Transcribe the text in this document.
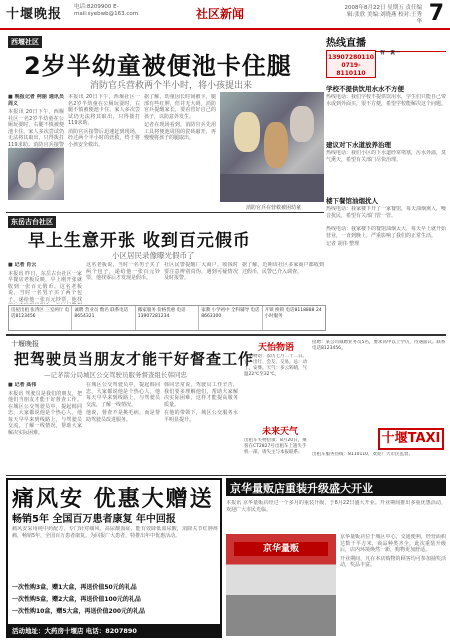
十堰晚报 电话:8209900 E-mail:syebwb@163.com	社区新闻	2008年8月22日 星期五 责任编辑:张欣 美编:刘晓燕 校对:王秀华 7
西堰社区
2岁半幼童被便池卡住腿
消防官兵营救两个半小时，将小孩提出来

■ 晚报记者 柯丽 通讯员 周义

本报讯 20日下午，西堰社区一名2岁半幼童在公厕玩耍时，右腿不慎被便池卡住，家人多次尝试仍无法将其取出，只得拨打119求助。消防官兵接警

本报讯 20日下午，西堰社区一名2岁半幼童在公厕玩耍时，右腿不慎被便池卡住，家人多次尝试仍无法将其取出，只得拨打119求助。

消防官兵接警后迅速赶到现场，经过两个半小时的营救，终于将小孩安全救出。

据了解，幼童因长时间被卡，腿部有些红肿，但并无大碍。消防官兵提醒家长，要看管好自己的孩子，以防意外发生。

记者在现场看到，消防官兵先用工具将便池周围的瓷砖敲开，再慢慢将孩子的腿取出。

消防官兵在营救被困幼童
热线直播
13907280110 0719-8110110

有一说一

学校不提供饮用水水不方便

热线电话：我们学校不提供饮用水，学生们只能自己带水或到外面买，很不方便，希望学校能解决这个问题。

建议对下水道放养治理

热线电话：我们小区的下水道经常堵塞，污水外溢，臭气熏天，希望有关部门尽快治理。

楼下餐馆油烟扰人

热线电话：我家楼下开了一家餐馆，每天油烟熏人，噪音扰民，希望有关部门管一管。

热线电话：我家楼下的餐馆油烟太大，每天早上就开始营业，一直到晚上，严重影响了我们的正常生活。

记者 胡伟 整理

东岳古台社区
早上生意开张 收到百元假币
小区居民录像曝光假币了

■ 记者 肖云

本报讯 昨日，东岳古台社区一家早餐店老板反映，早上刚开张就收到一张百元假币。这名老板说，当时一名男子买了两个包子，递给他一张百元钞票，他找

这名老板说，当时一名男子买了两个包子，递给他一张百元钞票，他找零后才发现是假币。

社区民警提醒广大商户，收钱时要注意辨别真伪，遇到可疑情况及时报警。

据了解，近期该社区多家商户都收到过假币，民警已介入调查。

房屋出租 张湾区 三室两厅 电话8123456
诚聘 营业员 数名 联系电话8654321
搬家服务 价格优惠 电话13907281234
家教 小学初中 全科辅导 电话8663300
开锁 换锁 电话8118888 24小时服务
十堰晚报
把驾驶员当朋友才能干好督查工作
—记茅箭分局城区公交驾驶员服务督查组长韩同忠

■ 记者 高伟

本报讯 驾驶员是我们的朋友，把他们当朋友才能干好督查工作。在城区公交驾驶员中，提起韩同忠，大家都说他是个热心人。他每天早早来到线路上，与驾驶员交流，了解一线情况，帮助大家解决实际困难。

在城区公交驾驶员中，提起韩同忠，大家都说他是个热心人。他每天早早来到线路上，与驾驶员交流，了解一线情况。

他说，督查不是挑毛病，而是帮助驾驶员改进服务。

韩同忠常说，驾驶员工作辛苦，我们要多理解他们，帮助大家解决实际困难，这样才能提高服务质量。

在他的带领下，城区公交服务水平明显提升。

天怡物语
天怡物语：农历七月二十二日。宜：出行、会友、交易。忌：动土、安葬。天气：多云转晴，气温22℃至32℃。
未来天气
出租车失物招领：8月20日，乘客在CT2827号出租车上遗失手机一部，请失主与本报联系。
招聘：某公司诚聘业务员5名，要求高中以上学历，待遇面议。联系电话8123456。
十堰TAXI
出租车服务热线：8110110，欢迎广大市民监督。
痛风安 优惠大赠送
畅销5年 全国百万患者康复 年中回报

痛风安采用纯中药配方，专门针对痛风、高尿酸血症，能有效降低血尿酸，消除关节红肿疼痛，畅销5年，全国百万患者康复。为回报广大患者，特推出年中优惠活动。

一次性购3盒，赠1大盒，再送价值50元的礼品
一次性购5盒，赠2大盒，再送价值100元的礼品
一次性购10盒，赠5大盒，再送价值200元的礼品
活动地址：大药房十堰店 电话：8207890
京华量贩店重装升级盛大开业
本报讯 京华量贩店经过一个多月的重装升级，于8月22日盛大开业。开业期间推出多重优惠活动，欢迎广大市民光临。
京华量贩

京华量贩店位于城区中心，交通便利，经营面积达数千平方米，商品种类齐全。此次重装升级后，店内环境焕然一新，购物更加舒适。

开业期间，凡在本店购物的顾客均可参加抽奖活动，奖品丰富。
